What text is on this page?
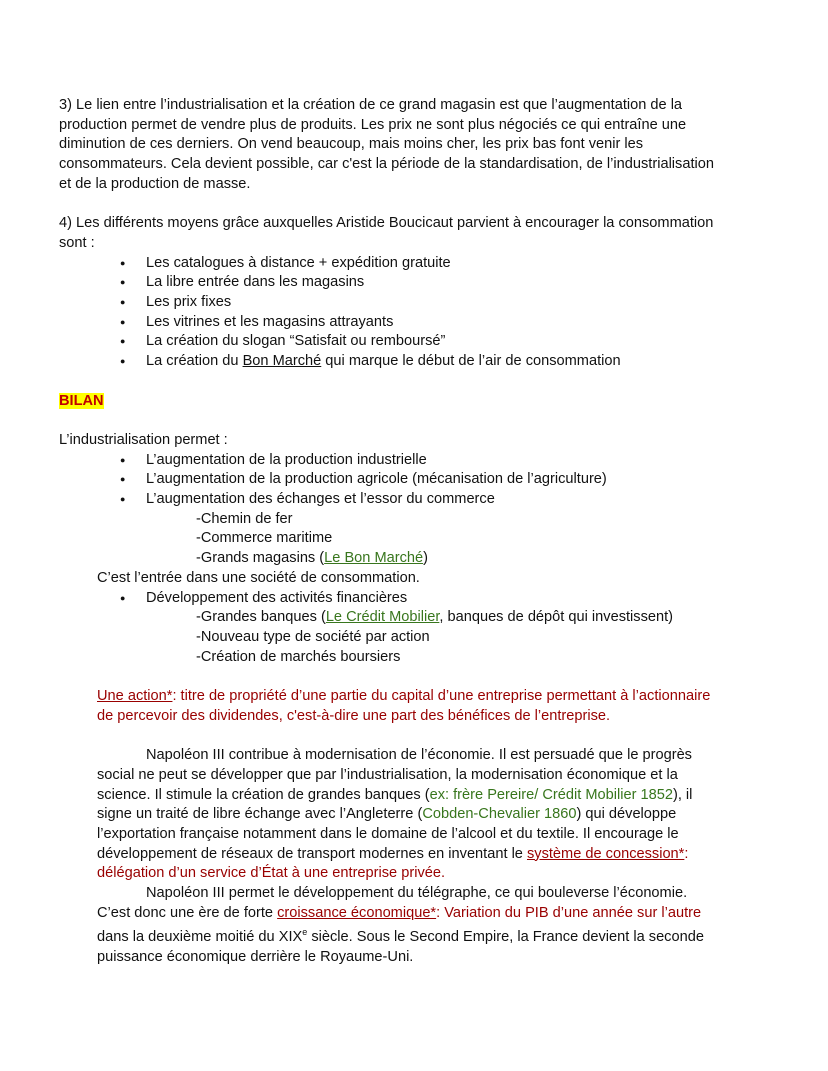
3) Le lien entre l’industrialisation et la création de ce grand magasin est que l’augmentation de la

production permet de vendre plus de produits. Les prix ne sont plus négociés ce qui entraîne une

diminution de ces derniers. On vend beaucoup, mais moins cher, les prix bas font venir les

consommateurs. Cela devient possible, car c'est la période de la standardisation, de l’industrialisation

et de la production de masse.

4) Les différents moyens grâce auxquelles Aristide Boucicaut parvient à encourager la consommation

sont :

● Les catalogues à distance + expédition gratuite
● La libre entrée dans les magasins
● Les prix fixes
● Les vitrines et les magasins attrayants
● La création du slogan “Satisfait ou remboursé”
● La création du Bon Marché qui marque le début de l’air de consommation

BILAN

L’industrialisation permet :

● L’augmentation de la production industrielle
● L’augmentation de la production agricole (mécanisation de l’agriculture)
● L’augmentation des échanges et l’essor du commerce

-Chemin de fer

-Commerce maritime

-Grands magasins (Le Bon Marché)

C’est l’entrée dans une société de consommation.

● Développement des activités financières

-Grandes banques (Le Crédit Mobilier, banques de dépôt qui investissent)

-Nouveau type de société par action

-Création de marchés boursiers

Une action*: titre de propriété d’une partie du capital d’une entreprise permettant à l’actionnaire

de percevoir des dividendes, c'est-à-dire une part des bénéfices de l’entreprise.

Napoléon III contribue à modernisation de l’économie. Il est persuadé que le progrès

social ne peut se développer que par l’industrialisation, la modernisation économique et la

science. Il stimule la création de grandes banques (ex: frère Pereire/ Crédit Mobilier 1852), il

signe un traité de libre échange avec l’Angleterre (Cobden-Chevalier 1860) qui développe

l’exportation française notamment dans le domaine de l’alcool et du textile. Il encourage le

développement de réseaux de transport modernes en inventant le système de concession*:

délégation d’un service d’État à une entreprise privée.

Napoléon III permet le développement du télégraphe, ce qui bouleverse l’économie.

C’est donc une ère de forte croissance économique*: Variation du PIB d’une année sur l’autre

dans la deuxième moitié du XIXe siècle. Sous le Second Empire, la France devient la seconde

puissance économique derrière le Royaume-Uni.
